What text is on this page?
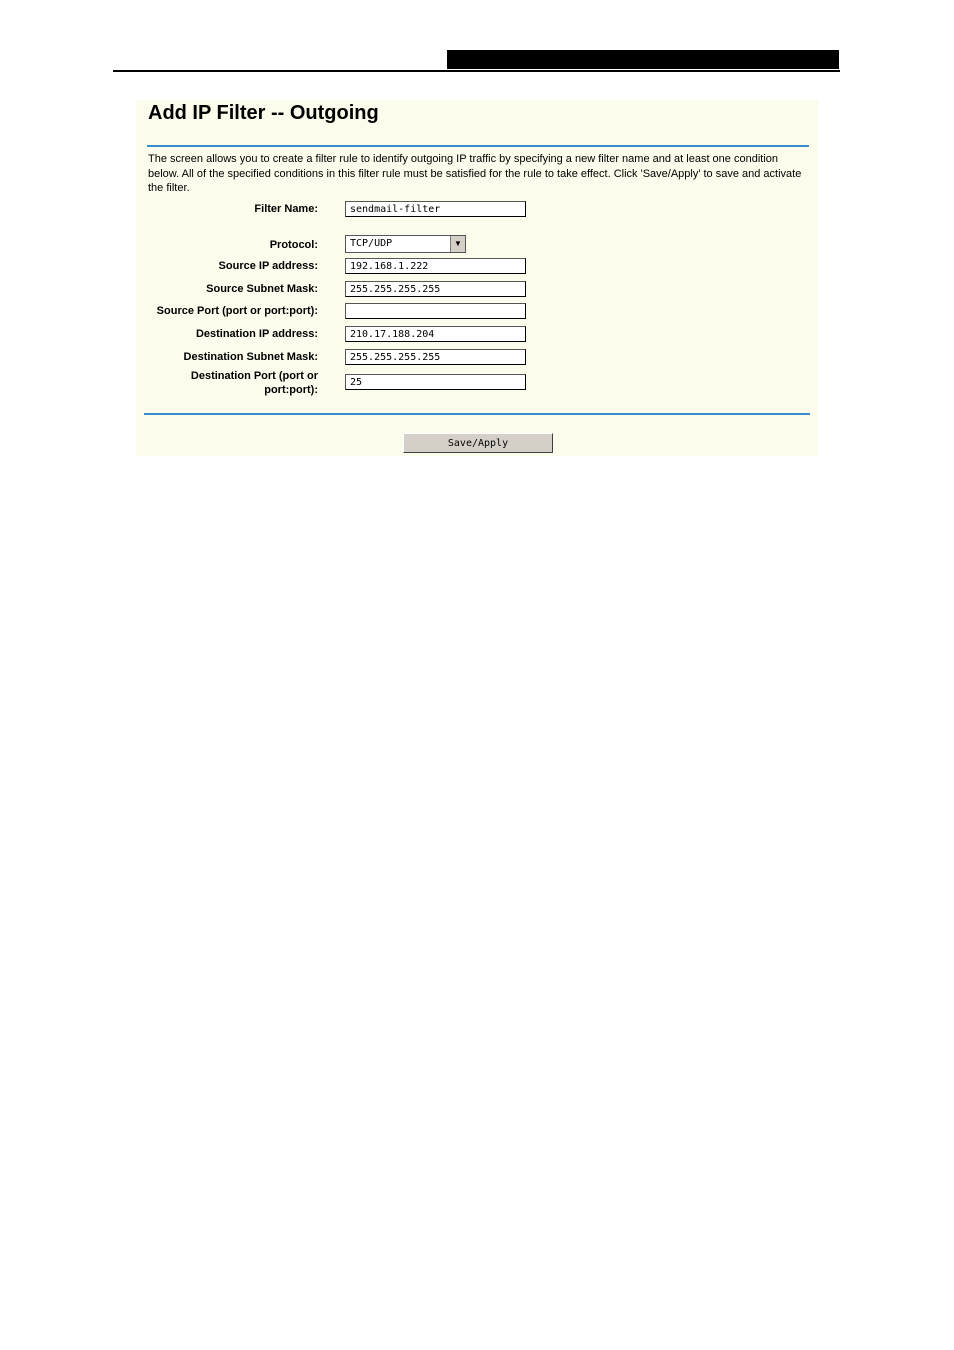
Add IP Filter -- Outgoing

The screen allows you to create a filter rule to identify outgoing IP traffic by specifying a new filter name and at least one condition below. All of the specified conditions in this filter rule must be satisfied for the rule to take effect. Click 'Save/Apply' to save and activate the filter.

Filter Name:
sendmail-filter
Protocol:	TCP/UDP	▼
Source IP address:
192.168.1.222
Source Subnet Mask:
255.255.255.255
Source Port (port or port:port):
Destination IP address:
210.17.188.204
Destination Subnet Mask:
255.255.255.255
Destination Port (port or
port:port):
25
Save/Apply
